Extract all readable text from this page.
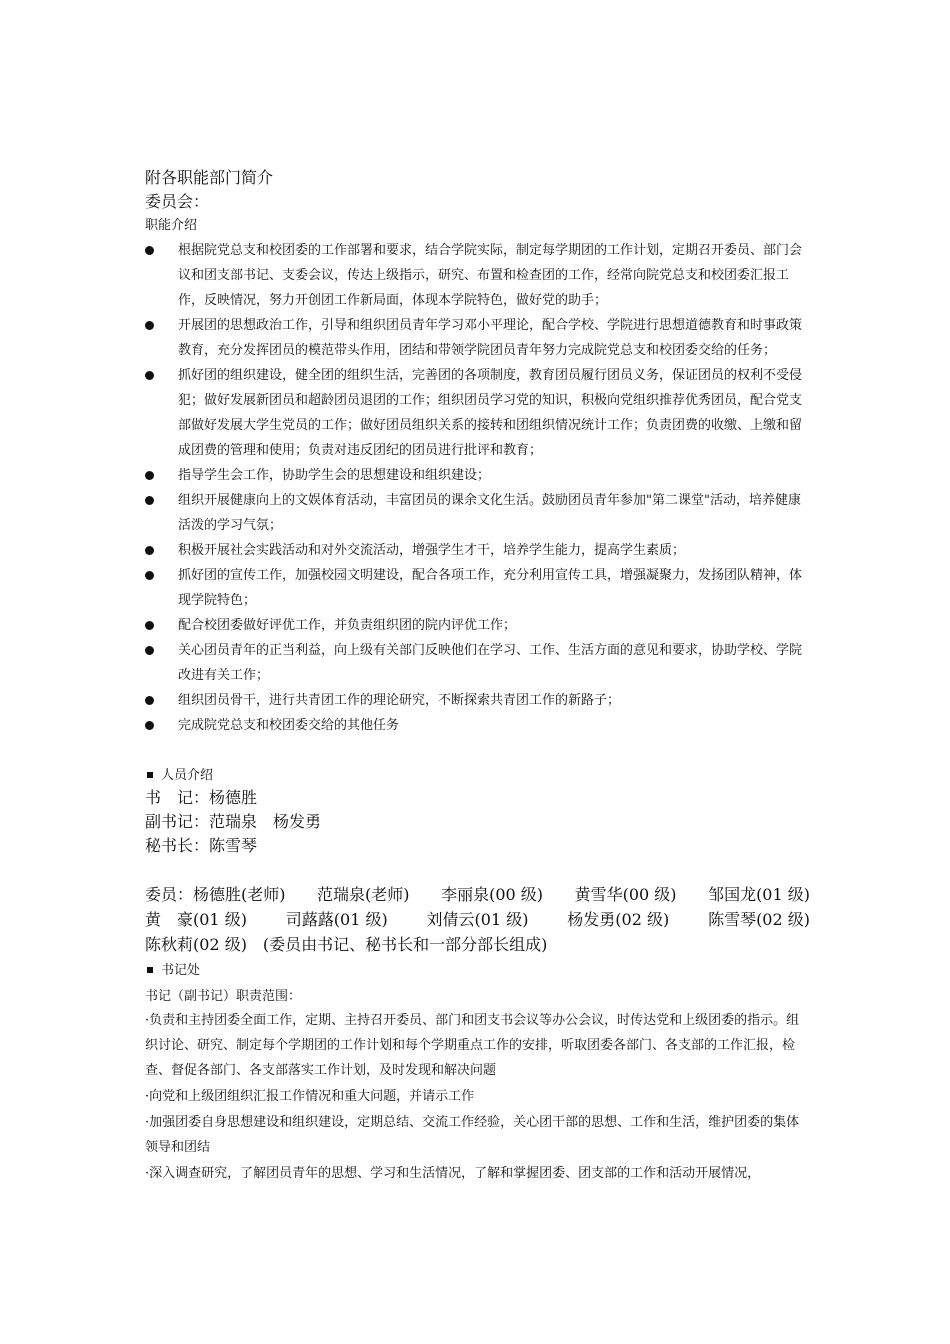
附各职能部门简介
委员会：
职能介绍
根据院党总支和校团委的工作部署和要求，结合学院实际，制定每学期团的工作计划，定期召开委员、部门会议和团支部书记、支委会议，传达上级指示，研究、布置和检查团的工作，经常向院党总支和校团委汇报工作，反映情况，努力开创团工作新局面，体现本学院特色，做好党的助手；
开展团的思想政治工作，引导和组织团员青年学习邓小平理论，配合学校、学院进行思想道德教育和时事政策教育，充分发挥团员的模范带头作用，团结和带领学院团员青年努力完成院党总支和校团委交给的任务；
抓好团的组织建设，健全团的组织生活，完善团的各项制度，教育团员履行团员义务，保证团员的权利不受侵犯；做好发展新团员和超龄团员退团的工作；组织团员学习党的知识，积极向党组织推荐优秀团员，配合党支部做好发展大学生党员的工作；做好团员组织关系的接转和团组织情况统计工作；负责团费的收缴、上缴和留成团费的管理和使用；负责对违反团纪的团员进行批评和教育；
指导学生会工作，协助学生会的思想建设和组织建设；
组织开展健康向上的文娱体育活动，丰富团员的课余文化生活。鼓励团员青年参加"第二课堂"活动，培养健康活泼的学习气氛；
积极开展社会实践活动和对外交流活动，增强学生才干，培养学生能力，提高学生素质；
抓好团的宣传工作，加强校园文明建设，配合各项工作，充分利用宣传工具，增强凝聚力，发扬团队精神，体现学院特色；
配合校团委做好评优工作，并负责组织团的院内评优工作；
关心团员青年的正当利益，向上级有关部门反映他们在学习、工作、生活方面的意见和要求，协助学校、学院改进有关工作；
组织团员骨干，进行共青团工作的理论研究，不断探索共青团工作的新路子；
完成院党总支和校团委交给的其他任务
人员介绍
书　记：杨德胜
副书记：范瑞泉　杨发勇
秘书长：陈雪琴
委员：杨德胜(老师) 范瑞泉(老师) 李丽泉(00 级) 黄雪华(00 级) 邹国龙(01 级)
黄　豪(01 级) 司蕗蕗(01 级) 刘倩云(01 级) 杨发勇(02 级) 陈雪琴(02 级)
陈秋莉(02 级)　(委员由书记、秘书长和一部分部长组成)
书记处
书记（副书记）职责范围：
·负责和主持团委全面工作，定期、主持召开委员、部门和团支书会议等办公会议，时传达党和上级团委的指示。组织讨论、研究、制定每个学期团的工作计划和每个学期重点工作的安排，听取团委各部门、各支部的工作汇报，检查、督促各部门、各支部落实工作计划，及时发现和解决问题
·向党和上级团组织汇报工作情况和重大问题，并请示工作
·加强团委自身思想建设和组织建设，定期总结、交流工作经验，关心团干部的思想、工作和生活，维护团委的集体领导和团结
·深入调查研究，了解团员青年的思想、学习和生活情况，了解和掌握团委、团支部的工作和活动开展情况，
